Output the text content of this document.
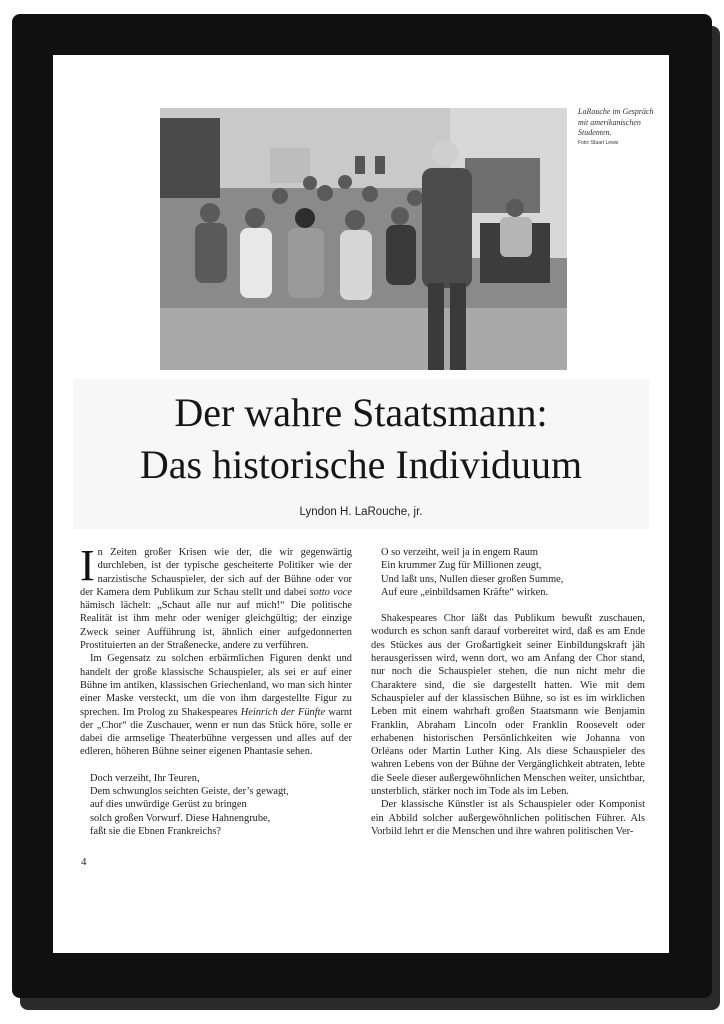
LaRouche im Gespräch mit amerikanischen Studenten.
Foto: Stuart Lewis
Der wahre Staatsmann:
Das historische Individuum
Lyndon H. LaRouche, jr.

In Zeiten großer Krisen wie der, die wir gegenwärtig durchleben, ist der typische gescheiterte Politiker wie der narzistische Schauspieler, der sich auf der Bühne oder vor der Kamera dem Publikum zur Schau stellt und dabei sotto voce hämisch lächelt: „Schaut alle nur auf mich!“ Die politische Realität ist ihm mehr oder weniger gleichgültig; der einzige Zweck seiner Aufführung ist, ähnlich einer aufgedonnerten Prostituierten an der Straßenecke, andere zu verführen.

Im Gegensatz zu solchen erbärmlichen Figuren denkt und handelt der große klassische Schauspieler, als sei er auf einer Bühne im antiken, klassischen Griechenland, wo man sich hinter einer Maske versteckt, um die von ihm dargestellte Figur zu sprechen. Im Prolog zu Shakespeares Heinrich der Fünfte warnt der „Chor“ die Zuschauer, wenn er nun das Stück höre, solle er dabei die armselige Theaterbühne vergessen und alles auf der edleren, höheren Bühne seiner eigenen Phantasie sehen.

Doch verzeiht, Ihr Teuren,
Dem schwunglos seichten Geiste, der’s gewagt,
auf dies unwürdige Gerüst zu bringen
solch großen Vorwurf. Diese Hahnengrube,
faßt sie die Ebnen Frankreichs?
O so verzeiht, weil ja in engem Raum
Ein krummer Zug für Millionen zeugt,
Und laßt uns, Nullen dieser großen Summe,
Auf eure „einbildsamen Kräfte“ wirken.

Shakespeares Chor läßt das Publikum bewußt zuschauen, wodurch es schon sanft darauf vorbereitet wird, daß es am Ende des Stückes aus der Großartigkeit seiner Einbildungskraft jäh herausgerissen wird, wenn dort, wo am Anfang der Chor stand, nur noch die Schauspieler stehen, die nun nicht mehr die Charaktere sind, die sie dargestellt hatten. Wie mit dem Schauspieler auf der klassischen Bühne, so ist es im wirklichen Leben mit einem wahrhaft großen Staatsmann wie Benjamin Franklin, Abraham Lincoln oder Franklin Roosevelt oder erhabenen historischen Persönlichkeiten wie Johanna von Orléans oder Martin Luther King. Als diese Schauspieler des wahren Lebens von der Bühne der Vergänglichkeit abtraten, lebte die Seele dieser außergewöhnlichen Menschen weiter, unsichtbar, unsterblich, stärker noch im Tode als im Leben.

Der klassische Künstler ist als Schauspieler oder Komponist ein Abbild solcher außergewöhnlichen politischen Führer. Als Vorbild lehrt er die Menschen und ihre wahren politischen Ver-

4
